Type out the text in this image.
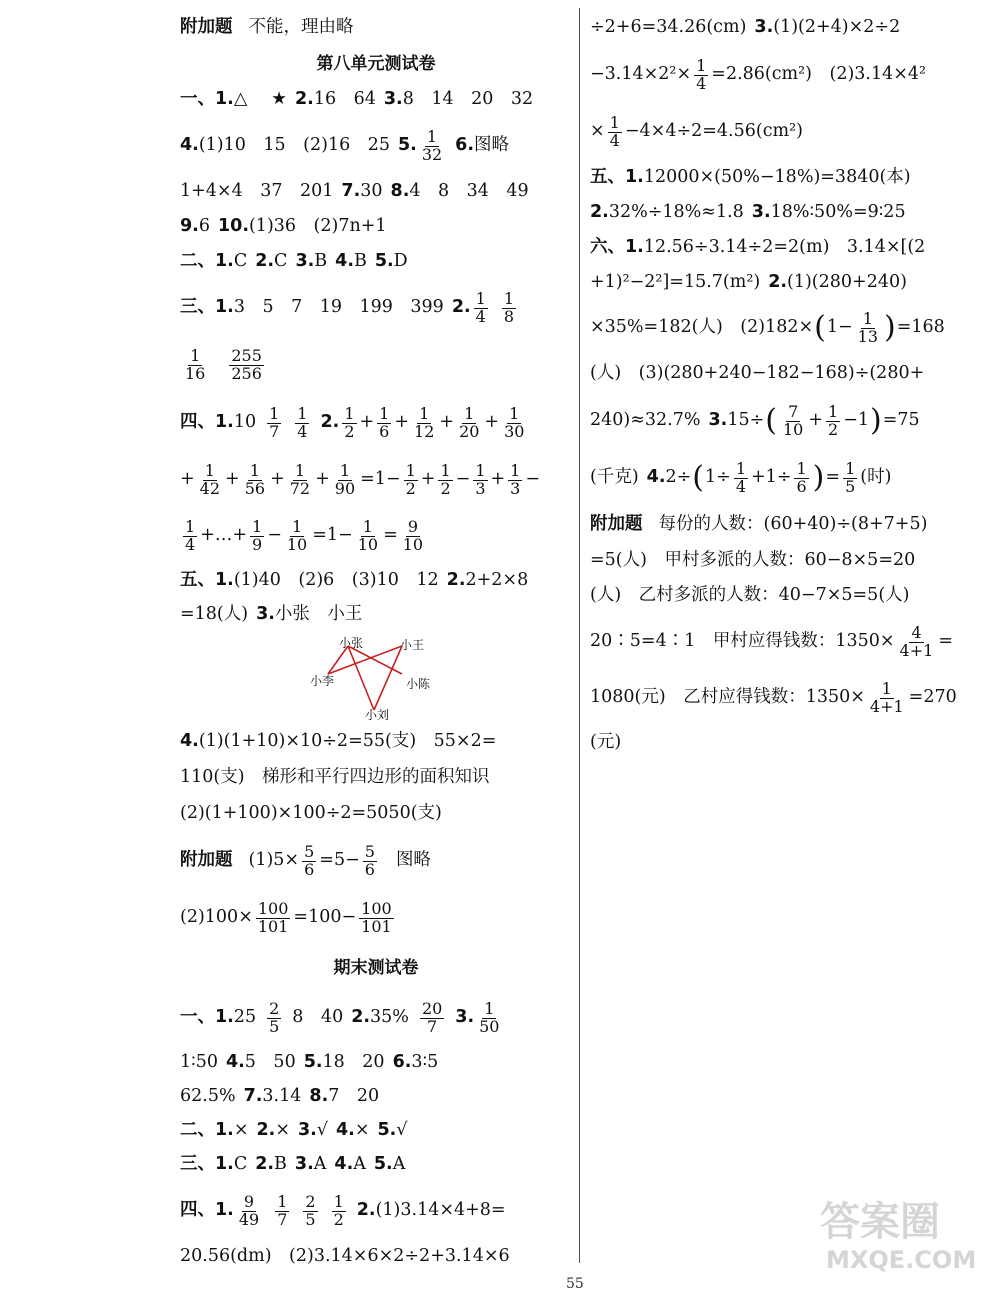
附加题 不能，理由略
第八单元测试卷
一、1. △ ★ 2. 16　64 3. 8　14　20　32
4. (1)10　15　(2)16　25 5. $\frac{1}{32} 6$. 图略
1+4×4　37　201 7. 30 8. 4　8　34　49
9. 6 10. (1)36　(2)7n+1
二、1. C 2. C 3. B 4. B 5. D
三、1. 3　5　7　19　199　399 2. $\frac{1}{4} \frac{1}{8}$
$\frac{1}{16} \frac{255}{256}$
四、1. $10 \frac{1}{7} \frac{1}{4} 2$. $\frac{1}{2} + \frac{1}{6} + \frac{1}{12} + \frac{1}{20} + \frac{1}{30}$
+ $\frac{1}{42} + \frac{1}{56} + \frac{1}{72} + \frac{1}{90} =1- \frac{1}{2} + \frac{1}{2} - \frac{1}{3} + \frac{1}{3}$ −
$\frac{1}{4}$ +…+ $\frac{1}{9} - \frac{1}{10} =1- \frac{1}{10} = \frac{9}{10}$
五、1. (1)40　(2)6　(3)10　12 2. 2+2×8
=18(人) 3. 小张　小王
小张	小王
小李	小陈
小刘
4. (1)(1+10)×10÷2=55(支)　55×2=
110(支)　梯形和平行四边形的面积知识
(2)(1+100)×100÷2=5050(支)
附加题 $(1)5\times \frac{5}{6} =5- \frac{5}{6}$ 图略
$(2)100\times \frac{100}{101} =100- \frac{100}{101}$
期末测试卷
一、1. $25 \frac{2}{5} 8$　40 2. $35\% \frac{20}{7} 3$. $\frac{1}{50}$
1∶50 4. 5　50 5. 18　20 6. 3∶5
62.5% 7. 3.14 8. 7　20
二、1. × 2. × 3. √ 4. × 5. √
三、1. C 2. B 3. A 4. A 5. A
四、1. $\frac{9}{49} \frac{1}{7} \frac{2}{5} \frac{1}{2} 2$. (1)3.14×4+8=
20.56(dm)　(2)3.14×6×2÷2+3.14×6
÷2+6=34.26(cm) 3. (1)(2+4)×2÷2
$-3.14\times 2^2\times \frac{1}{4} =2.86(cm^2)$　(2)3.14×4²
× $\frac{1}{4} -4\times 4\div 2=4.56(cm^2)$
五、1. 12000×(50%−18%)=3840(本)
2. 32%÷18%≈1.8 3. 18%∶50%=9∶25
六、1. 12.56÷3.14÷2=2(m)　3.14×[(2
+1)²−2²]=15.7(m²) 2. (1)(280+240)
×35%=182(人)　(2)182× ( $1- \frac{1}{13}$ ) =168
(人)　(3)(280+240−182−168)÷(280+
240)≈32.7% 3. 15÷ ( $\frac{7}{10} + \frac{1}{2} -1$ ) =75
(千克) 4. 2÷ ( $1\div \frac{1}{4} +1\div \frac{1}{6}$ ) = $\frac{1}{5}$ (时)
附加题 每份的人数：(60+40)÷(8+7+5)
=5(人)　甲村多派的人数：60−8×5=20
(人)　乙村多派的人数：40−7×5=5(人)
20∶5=4∶1　甲村应得钱数：$1350\times \frac{4}{4+1}$ =
1080(元)　乙村应得钱数：$1350\times \frac{1}{4+1} =270$
(元)
55
答案圈
MXQE.COM
